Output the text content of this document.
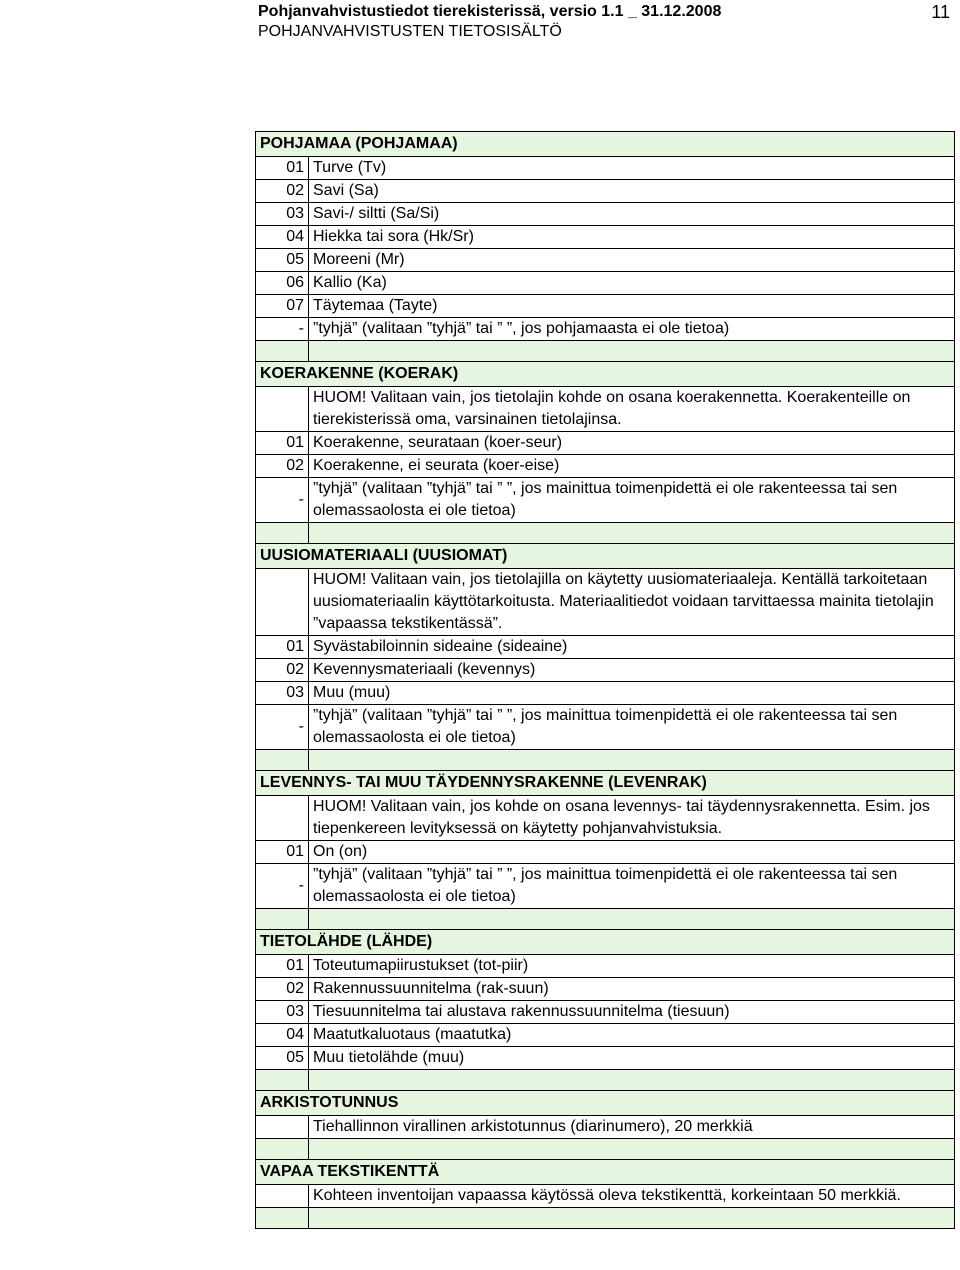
Pohjanvahvistustiedot tierekisterissä, versio 1.1 _ 31.12.2008
POHJANVAHVISTUSTEN TIETOSISÄLTÖ
11
POHJAMAA (POHJAMAA)	
01	Turve (Tv)
02	Savi (Sa)
03	Savi-/ siltti (Sa/Si)
04	Hiekka tai sora (Hk/Sr)
05	Moreeni (Mr)
06	Kallio (Ka)
07	Täytemaa (Tayte)
-	”tyhjä” (valitaan ”tyhjä” tai ” ”, jos pohjamaasta ei ole tietoa)

KOERAKENNE (KOERAK)	
	HUOM! Valitaan vain, jos tietolajin kohde on osana koerakennetta. Koerakenteille on tierekisterissä oma, varsinainen tietolajinsa.
01	Koerakenne, seurataan (koer-seur)
02	Koerakenne, ei seurata (koer-eise)
-	”tyhjä” (valitaan ”tyhjä” tai ” ”, jos mainittua toimenpidettä ei ole rakenteessa tai sen olemassaolosta ei ole tietoa)

UUSIOMATERIAALI (UUSIOMAT)	
	HUOM! Valitaan vain, jos tietolajilla on käytetty uusiomateriaaleja. Kentällä tarkoitetaan uusiomateriaalin käyttötarkoitusta. Materiaalitiedot voidaan tarvittaessa mainita tietolajin ”vapaassa tekstikentässä”.
01	Syvästabiloinnin sideaine (sideaine)
02	Kevennysmateriaali (kevennys)
03	Muu (muu)
-	”tyhjä” (valitaan ”tyhjä” tai ” ”, jos mainittua toimenpidettä ei ole rakenteessa tai sen olemassaolosta ei ole tietoa)

LEVENNYS- TAI MUU TÄYDENNYSRAKENNE (LEVENRAK)	
	HUOM! Valitaan vain, jos kohde on osana levennys- tai täydennysrakennetta. Esim. jos tiepenkereen levityksessä on käytetty pohjanvahvistuksia.
01	On (on)
-	”tyhjä” (valitaan ”tyhjä” tai ” ”, jos mainittua toimenpidettä ei ole rakenteessa tai sen olemassaolosta ei ole tietoa)

TIETOLÄHDE (LÄHDE)	
01	Toteutumapiirustukset (tot-piir)
02	Rakennussuunnitelma (rak-suun)
03	Tiesuunnitelma tai alustava rakennussuunnitelma (tiesuun)
04	Maatutkaluotaus (maatutka)
05	Muu tietolähde (muu)

ARKISTOTUNNUS	
	Tiehallinnon virallinen arkistotunnus (diarinumero), 20 merkkiä

VAPAA TEKSTIKENTTÄ	
	Kohteen inventoijan vapaassa käytössä oleva tekstikenttä, korkeintaan 50 merkkiä.
